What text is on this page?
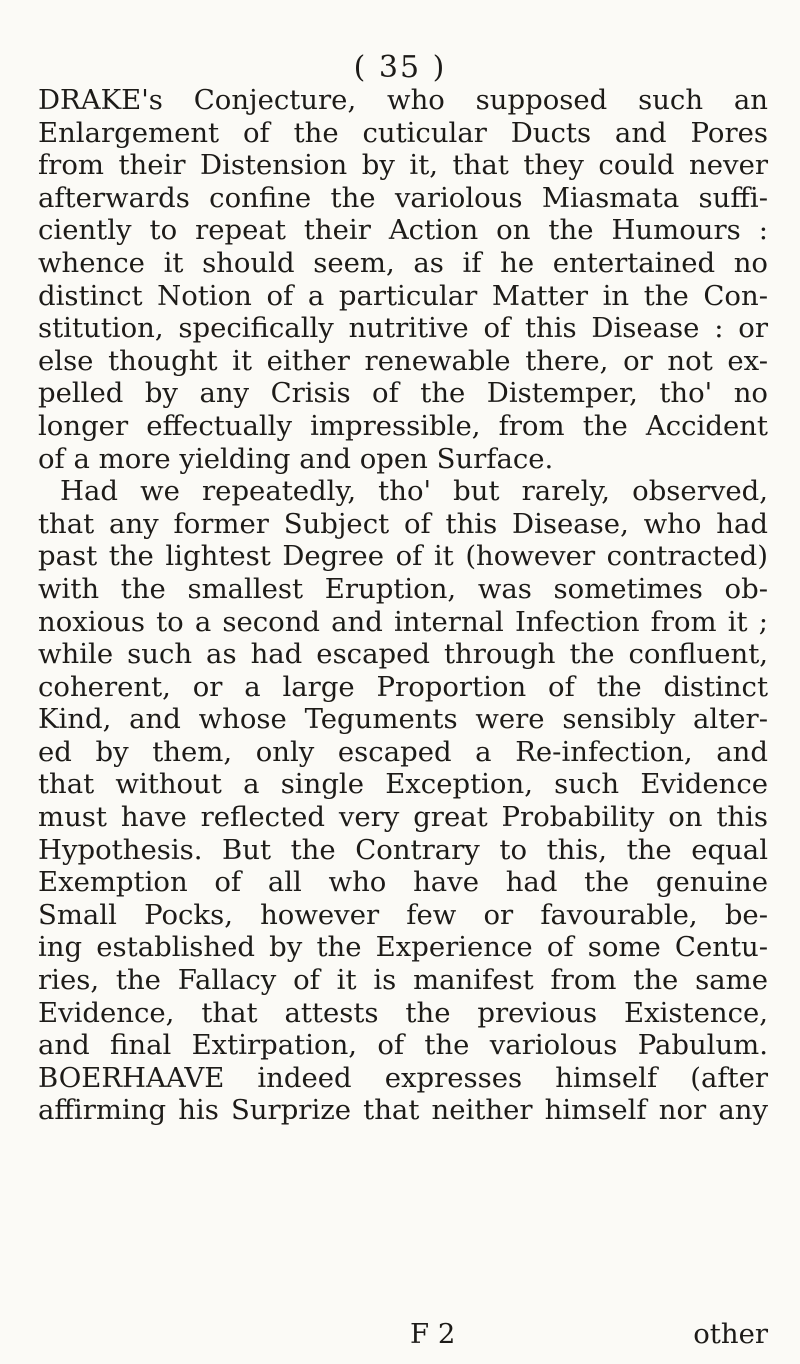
( 35 )
DRAKE's Conjecture, who supposed such an
Enlargement of the cuticular Ducts and Pores
from their Distension by it, that they could never
afterwards confine the variolous Miasmata suffi-
ciently to repeat their Action on the Humours :
whence it should seem, as if he entertained no
distinct Notion of a particular Matter in the Con-
stitution, specifically nutritive of this Disease : or
else thought it either renewable there, or not ex-
pelled by any Crisis of the Distemper, tho' no
longer effectually impressible, from the Accident
of a more yielding and open Surface.
Had we repeatedly, tho' but rarely, observed,
that any former Subject of this Disease, who had
past the lightest Degree of it (however contracted)
with the smallest Eruption, was sometimes ob-
noxious to a second and internal Infection from it ;
while such as had escaped through the confluent,
coherent, or a large Proportion of the distinct
Kind, and whose Teguments were sensibly alter-
ed by them, only escaped a Re-infection, and
that without a single Exception, such Evidence
must have reflected very great Probability on this
Hypothesis. But the Contrary to this, the equal
Exemption of all who have had the genuine
Small Pocks, however few or favourable, be-
ing established by the Experience of some Centu-
ries, the Fallacy of it is manifest from the same
Evidence, that attests the previous Existence,
and final Extirpation, of the variolous Pabulum.
BOERHAAVE indeed expresses himself (after
affirming his Surprize that neither himself nor any
F 2	other
